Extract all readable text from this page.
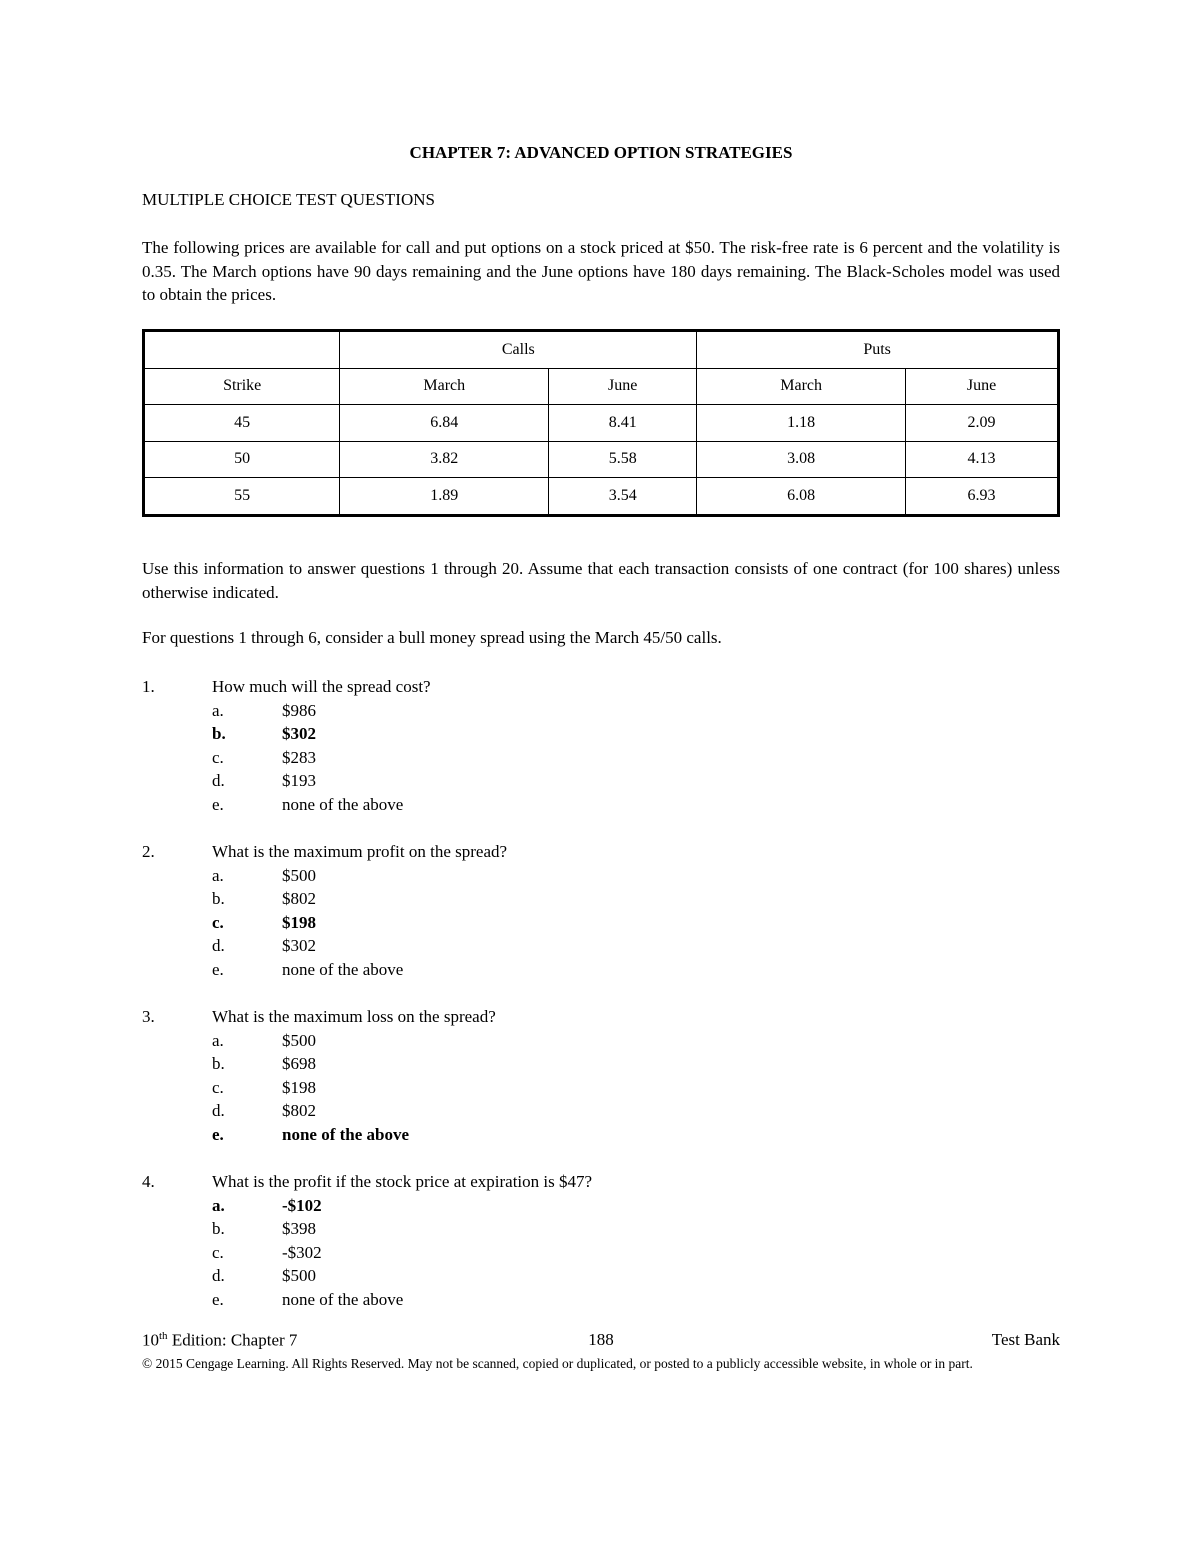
CHAPTER 7: ADVANCED OPTION STRATEGIES
MULTIPLE CHOICE TEST QUESTIONS
The following prices are available for call and put options on a stock priced at $50. The risk-free rate is 6 percent and the volatility is 0.35. The March options have 90 days remaining and the June options have 180 days remaining. The Black-Scholes model was used to obtain the prices.
	Calls		Puts	
Strike	March	June	March	June
45	6.84	8.41	1.18	2.09
50	3.82	5.58	3.08	4.13
55	1.89	3.54	6.08	6.93
Use this information to answer questions 1 through 20. Assume that each transaction consists of one contract (for 100 shares) unless otherwise indicated.
For questions 1 through 6, consider a bull money spread using the March 45/50 calls.
1.	How much will the spread cost?
a.	$986
b.	$302
c.	$283
d.	$193
e.	none of the above
2.	What is the maximum profit on the spread?
a.	$500
b.	$802
c.	$198
d.	$302
e.	none of the above
3.	What is the maximum loss on the spread?
a.	$500
b.	$698
c.	$198
d.	$802
e.	none of the above
4.	What is the profit if the stock price at expiration is $47?
a.	-$102
b.	$398
c.	-$302
d.	$500
e.	none of the above
10th Edition: Chapter 7	188	Test Bank
© 2015 Cengage Learning. All Rights Reserved. May not be scanned, copied or duplicated, or posted to a publicly accessible website, in whole or in part.
